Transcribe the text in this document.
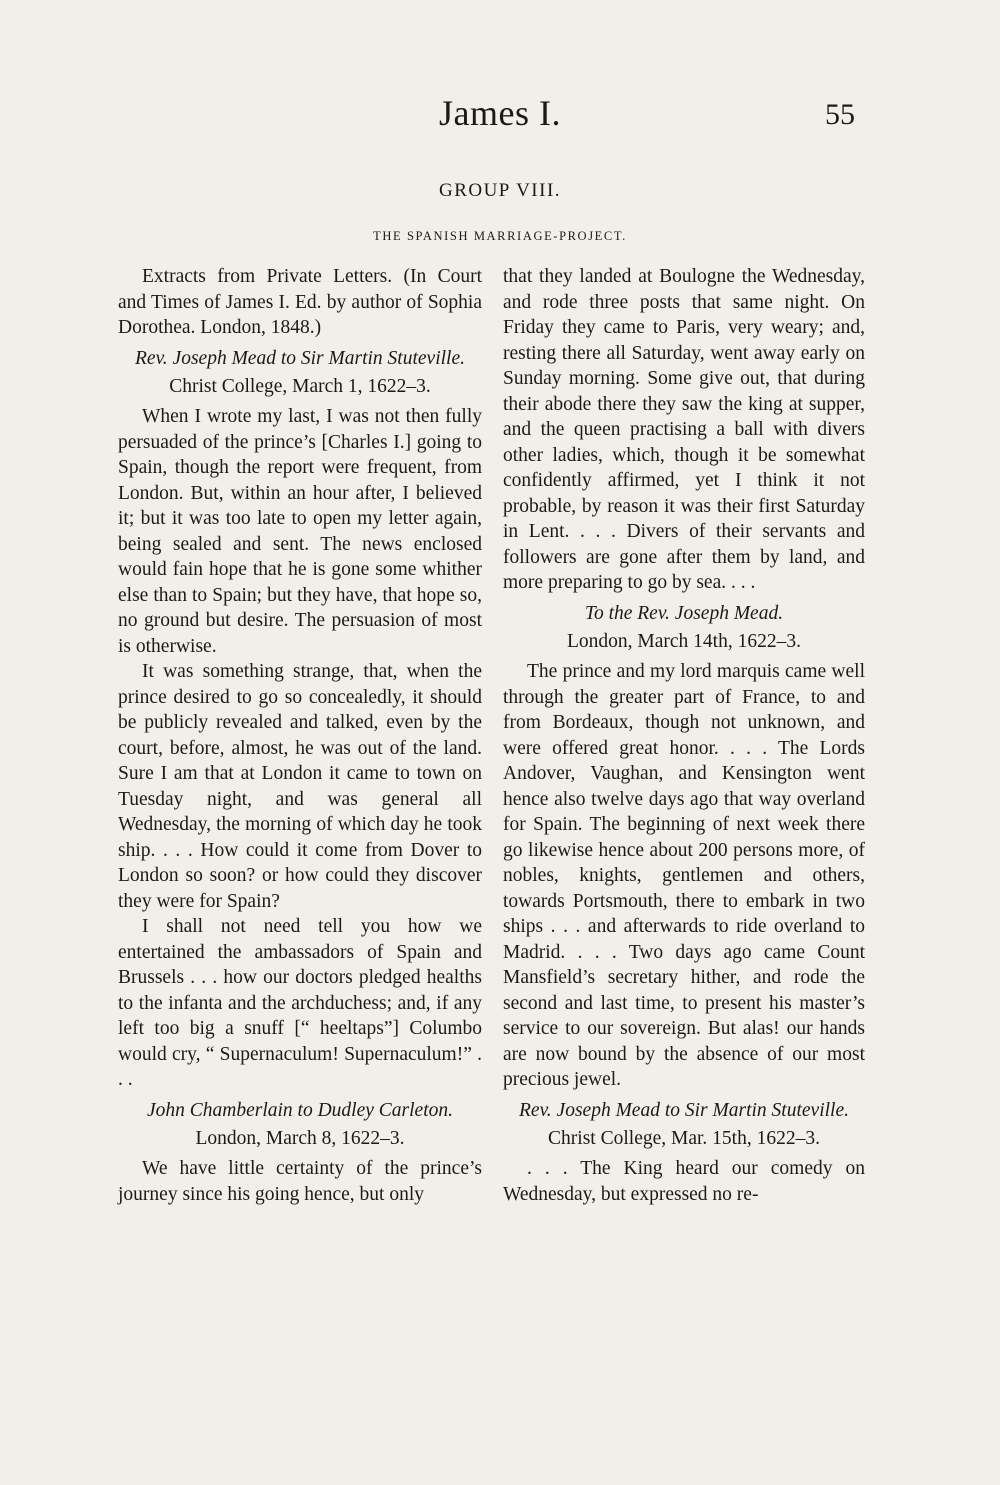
James I.	55
GROUP VIII.
THE SPANISH MARRIAGE-PROJECT.

Extracts from Private Letters. (In Court and Times of James I. Ed. by author of Sophia Dorothea. London, 1848.)

Rev. Joseph Mead to Sir Martin Stuteville.

Christ College, March 1, 1622–3.

When I wrote my last, I was not then fully persuaded of the prince’s [Charles I.] going to Spain, though the report were frequent, from London. But, within an hour after, I believed it; but it was too late to open my letter again, being sealed and sent. The news enclosed would fain hope that he is gone some whither else than to Spain; but they have, that hope so, no ground but desire. The persuasion of most is otherwise.

It was something strange, that, when the prince desired to go so concealedly, it should be publicly revealed and talked, even by the court, before, almost, he was out of the land. Sure I am that at London it came to town on Tuesday night, and was general all Wednesday, the morning of which day he took ship. . . . How could it come from Dover to London so soon? or how could they discover they were for Spain?

I shall not need tell you how we entertained the ambassadors of Spain and Brussels . . . how our doctors pledged healths to the infanta and the archduchess; and, if any left too big a snuff [“ heeltaps”] Columbo would cry, “ Supernaculum! Supernaculum!” . . .

John Chamberlain to Dudley Carleton.

London, March 8, 1622–3.

We have little certainty of the prince’s journey since his going hence, but only

that they landed at Boulogne the Wednesday, and rode three posts that same night. On Friday they came to Paris, very weary; and, resting there all Saturday, went away early on Sunday morning. Some give out, that during their abode there they saw the king at supper, and the queen practising a ball with divers other ladies, which, though it be somewhat confidently affirmed, yet I think it not probable, by reason it was their first Saturday in Lent. . . . Divers of their servants and followers are gone after them by land, and more preparing to go by sea. . . .

To the Rev. Joseph Mead.

London, March 14th, 1622–3.

The prince and my lord marquis came well through the greater part of France, to and from Bordeaux, though not unknown, and were offered great honor. . . . The Lords Andover, Vaughan, and Kensington went hence also twelve days ago that way overland for Spain. The beginning of next week there go likewise hence about 200 persons more, of nobles, knights, gentlemen and others, towards Portsmouth, there to embark in two ships . . . and afterwards to ride overland to Madrid. . . . Two days ago came Count Mansfield’s secretary hither, and rode the second and last time, to present his master’s service to our sovereign. But alas! our hands are now bound by the absence of our most precious jewel.

Rev. Joseph Mead to Sir Martin Stuteville.

Christ College, Mar. 15th, 1622–3.

. . . The King heard our comedy on Wednesday, but expressed no re-
